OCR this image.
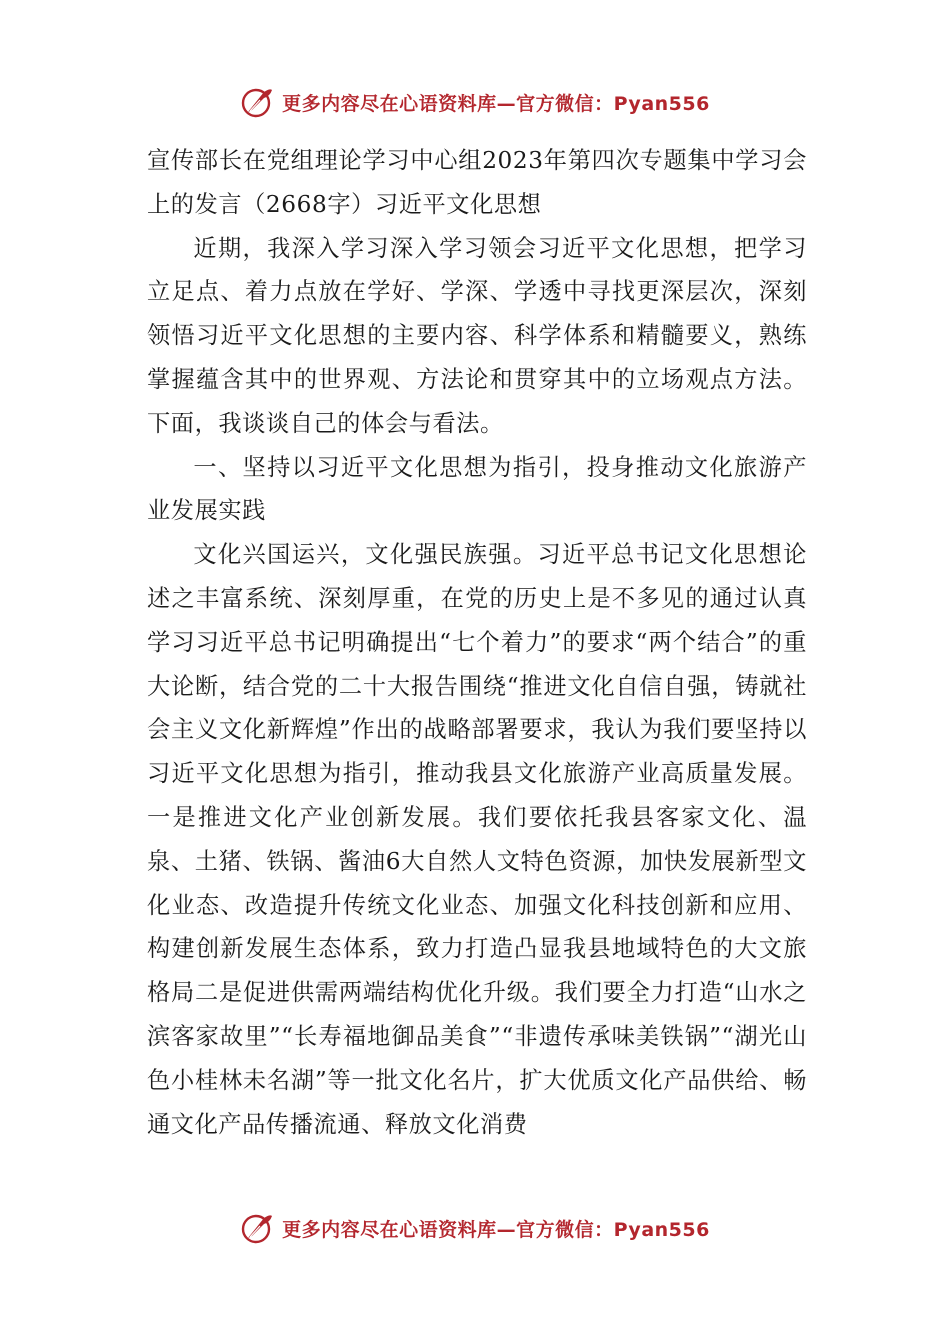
更多内容尽在心语资料库—官方微信：Pyan556

宣传部长在党组理论学习中心组2023年第四次专题集中学习会上的发言（2668字）习近平文化思想

近期，我深入学习深入学习领会习近平文化思想，把学习立足点、着力点放在学好、学深、学透中寻找更深层次，深刻领悟习近平文化思想的主要内容、科学体系和精髓要义，熟练掌握蕴含其中的世界观、方法论和贯穿其中的立场观点方法。下面，我谈谈自己的体会与看法。

一、坚持以习近平文化思想为指引，投身推动文化旅游产业发展实践

文化兴国运兴，文化强民族强。习近平总书记文化思想论述之丰富系统、深刻厚重，在党的历史上是不多见的通过认真学习习近平总书记明确提出“七个着力”的要求“两个结合”的重大论断，结合党的二十大报告围绕“推进文化自信自强，铸就社会主义文化新辉煌”作出的战略部署要求，我认为我们要坚持以习近平文化思想为指引，推动我县文化旅游产业高质量发展。一是推进文化产业创新发展。我们要依托我县客家文化、温泉、土猪、铁锅、酱油6大自然人文特色资源，加快发展新型文化业态、改造提升传统文化业态、加强文化科技创新和应用、构建创新发展生态体系，致力打造凸显我县地域特色的大文旅格局二是促进供需两端结构优化升级。我们要全力打造“山水之滨客家故里”“长寿福地御品美食”“非遗传承味美铁锅”“湖光山色小桂林未名湖”等一批文化名片，扩大优质文化产品供给、畅通文化产品传播流通、释放文化消费

更多内容尽在心语资料库—官方微信：Pyan556
